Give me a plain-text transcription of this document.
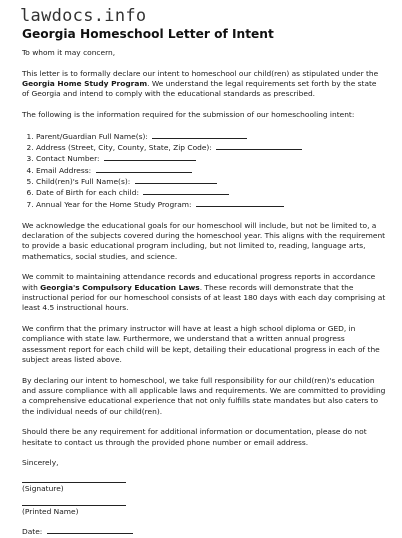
lawdocs.info
Georgia Homeschool Letter of Intent

To whom it may concern,

This letter is to formally declare our intent to homeschool our child(ren) as stipulated under the Georgia Home Study Program. We understand the legal requirements set forth by the state of Georgia and intend to comply with the educational standards as prescribed.

The following is the information required for the submission of our homeschooling intent:

1. Parent/Guardian Full Name(s):
2. Address (Street, City, County, State, Zip Code):
3. Contact Number:
4. Email Address:
5. Child(ren)'s Full Name(s):
6. Date of Birth for each child:
7. Annual Year for the Home Study Program:

We acknowledge the educational goals for our homeschool will include, but not be limited to, a declaration of the subjects covered during the homeschool year. This aligns with the requirement to provide a basic educational program including, but not limited to, reading, language arts, mathematics, social studies, and science.

We commit to maintaining attendance records and educational progress reports in accordance with Georgia's Compulsory Education Laws. These records will demonstrate that the instructional period for our homeschool consists of at least 180 days with each day comprising at least 4.5 instructional hours.

We confirm that the primary instructor will have at least a high school diploma or GED, in compliance with state law. Furthermore, we understand that a written annual progress assessment report for each child will be kept, detailing their educational progress in each of the subject areas listed above.

By declaring our intent to homeschool, we take full responsibility for our child(ren)'s education and assure compliance with all applicable laws and requirements. We are committed to providing a comprehensive educational experience that not only fulfills state mandates but also caters to the individual needs of our child(ren).

Should there be any requirement for additional information or documentation, please do not hesitate to contact us through the provided phone number or email address.

Sincerely,

(Signature)
(Printed Name)
Date:
